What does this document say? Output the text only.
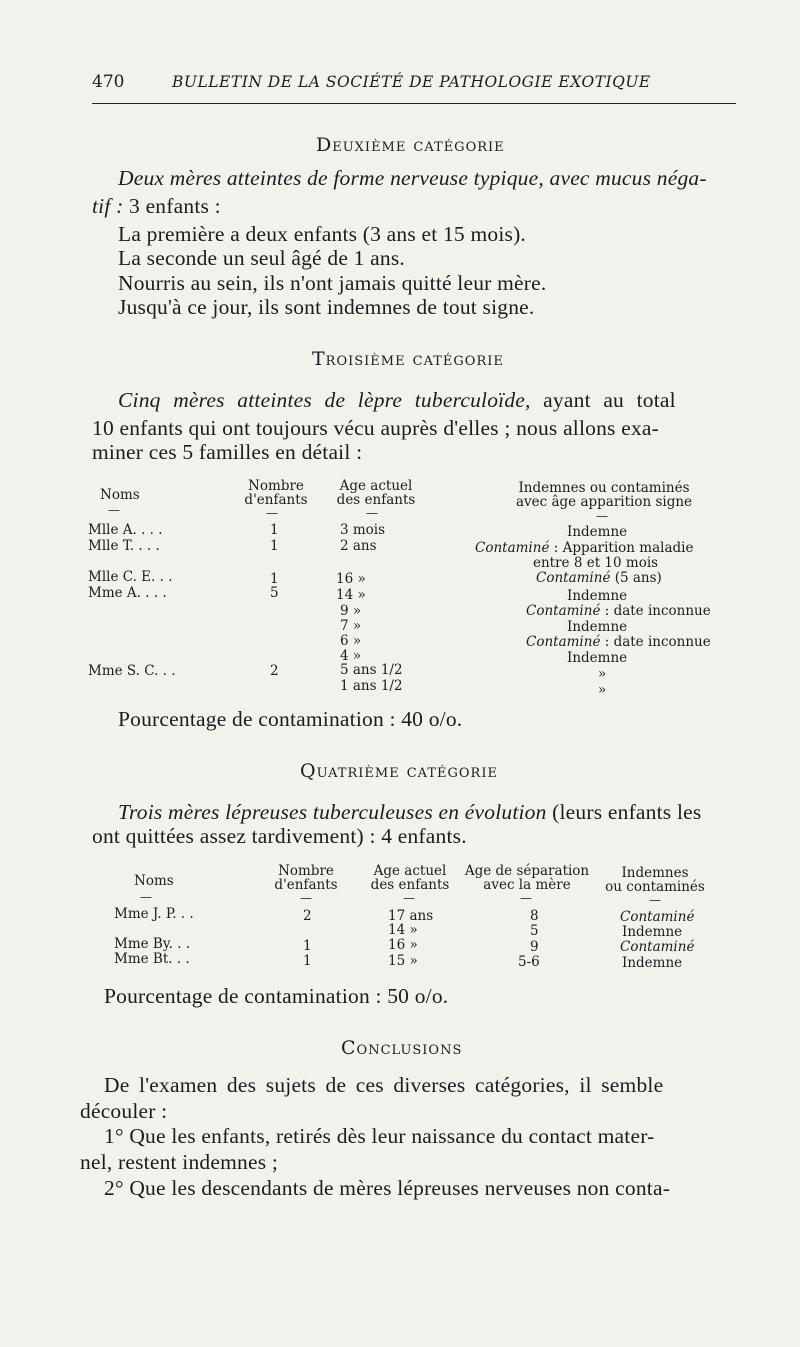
470	BULLETIN DE LA SOCIÉTÉ DE PATHOLOGIE EXOTIQUE
Deuxième catégorie
Deux mères atteintes de forme nerveuse typique, avec mucus néga-
tif : 3 enfants :
La première a deux enfants (3 ans et 15 mois).
La seconde un seul âgé de 1 ans.
Nourris au sein, ils n'ont jamais quitté leur mère.
Jusqu'à ce jour, ils sont indemnes de tout signe.
Troisième catégorie
Cinq mères atteintes de lèpre tuberculoïde, ayant au total
10 enfants qui ont toujours vécu auprès d'elles ; nous allons exa-
miner ces 5 familles en détail :
Noms
—
Nombre
d'enfants
—
Age actuel
des enfants
—
Indemnes ou contaminés
avec âge apparition signe
—
Mlle A. . . .
Mlle T. . . .
Mlle C. E. . .
Mme A. . . .
Mme S. C. . .
1
1
1
5
2
3 mois
2 ans
16 »
14 »
9 »
7 »
6 »
4 »
5 ans 1/2
1 ans 1/2
Indemne
Contaminé : Apparition maladie
entre 8 et 10 mois
Contaminé (5 ans)
Indemne
Contaminé : date inconnue
Indemne
Contaminé : date inconnue
Indemne
»
»
Pourcentage de contamination : 40 o/o.
Quatrième catégorie
Trois mères lépreuses tuberculeuses en évolution (leurs enfants les
ont quittées assez tardivement) : 4 enfants.
Noms
—
Nombre
d'enfants
—
Age actuel
des enfants
—
Age de séparation
avec la mère
—
Indemnes
ou contaminés
—
Mme J. P. . .
Mme By. . .
Mme Bt. . .
2
1
1
17 ans
14 »
16 »
15 »
8
5
9
5-6
Contaminé
Indemne
Contaminé
Indemne
Pourcentage de contamination : 50 o/o.
Conclusions
De l'examen des sujets de ces diverses catégories, il semble
découler :
1° Que les enfants, retirés dès leur naissance du contact mater-
nel, restent indemnes ;
2° Que les descendants de mères lépreuses nerveuses non conta-
